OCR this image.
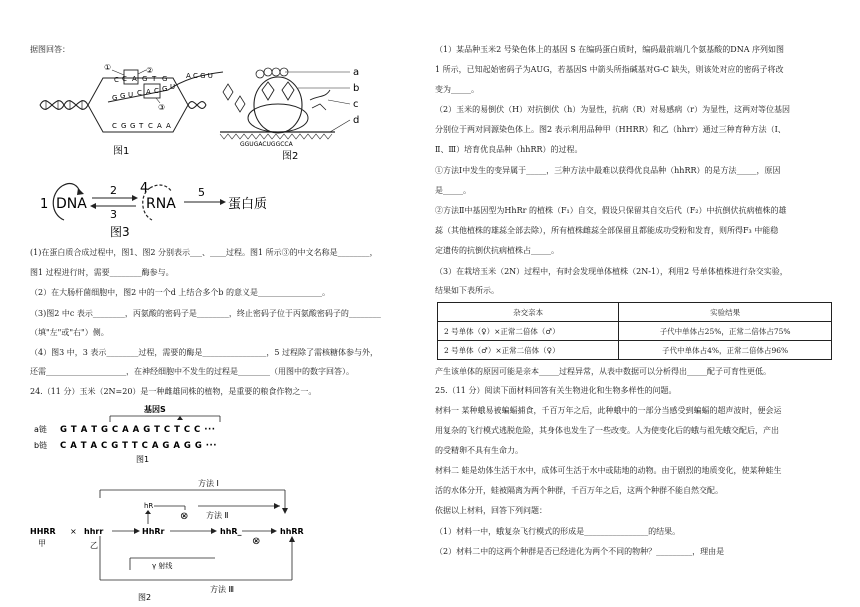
据图回答：
C C A G T G
G G U C A C G U
A C G U
C G G T C A A
②
①
③
图1
GGUGACUGGCCA
a
b
c
d
图2
1 DNA
2
3
4
RNA
5
蛋白质
图3
(1)在蛋白质合成过程中，图1、图2 分别表示___、____过程。图1 所示③的中文名称是________，
图1 过程进行时，需要________酶参与。
（2）在大肠杆菌细胞中，图2 中的一个d 上结合多个b 的意义是________________。
（3)图2 中c 表示________，丙氨酸的密码子是________，终止密码子位于丙氨酸密码子的________
（填"左"或"右"）侧。
（4）图3 中，3 表示________过程，需要的酶是________________，5 过程除了需核糖体参与外，
还需____________________，在神经细胞中不发生的过程是________（用图中的数字回答）。
24.（11 分）玉米（2N=20）是一种雌雄同株的植物，是重要的粮食作物之一。
基因S
a链 G T A T G C A A G T C T C C ···
b链 C A T A C G T T C A G A G G ···
图1
方法 I
hR
⊗ 方法 Ⅱ
HHRR
甲
× hhrr
乙
HhRr	hhR_
⊗
hhRR
γ 射线
方法 Ⅲ
图2
（1）某品种玉米2 号染色体上的基因 S 在编码蛋白质时，编码最前端几个氨基酸的DNA 序列如图
1 所示，已知起始密码子为AUG，若基因S 中箭头所指碱基对G-C 缺失，则该处对应的密码子将改
变为_____。
（2）玉米的易倒伏（H）对抗倒伏（h）为显性，抗病（R）对易感病（r）为显性，这两对等位基因
分别位于两对同源染色体上。图2 表示利用品种甲（HHRR）和乙（hhrr）通过三种育种方法（Ⅰ、
Ⅱ、Ⅲ）培育优良品种（hhRR）的过程。
①方法Ⅰ中发生的变异属于_____，三种方法中最难以获得优良品种（hhRR）的是方法_____，原因
是_____。
②方法Ⅱ中基因型为HhRr 的植株（F₁）自交，假设只保留其自交后代（F₂）中抗倒伏抗病植株的雄
蕊（其他植株的雄蕊全部去除），所有植株雌蕊全部保留且都能成功受粉和发育，则所得F₃ 中能稳
定遗传的抗倒伏抗病植株占_____。
（3）在栽培玉米（2N）过程中，有时会发现单体植株（2N-1），利用2 号单体植株进行杂交实验，
结果如下表所示。
杂交亲本	实验结果
2 号单体（♀）×正常二倍体（♂）	子代中单体占25%，正常二倍体占75%
2 号单体（♂）×正常二倍体（♀）	子代中单体占4%，正常二倍体占96%
产生该单体的原因可能是亲本_____过程异常，从表中数据可以分析得出_____配子可育性更低。
25.（11 分）阅读下面材料回答有关生物进化和生物多样性的问题。
材料一 某种蛾易被蝙蝠捕食，千百万年之后，此种蛾中的一部分当感受到蝙蝠的超声波时，便会运
用复杂的飞行模式逃脱危险，其身体也发生了一些改变。人为使变化后的蛾与祖先蛾交配后，产出
的受精卵不具有生命力。
材料二 蛙是幼体生活于水中，成体可生活于水中或陆地的动物。由于剧烈的地质变化，使某种蛙生
活的水体分开，蛙被隔离为两个种群，千百万年之后，这两个种群不能自然交配。
依据以上材料，回答下列问题：
（1）材料一中，蛾复杂飞行模式的形成是________________的结果。
（2）材料二中的这两个种群是否已经进化为两个不同的物种？_________，理由是
